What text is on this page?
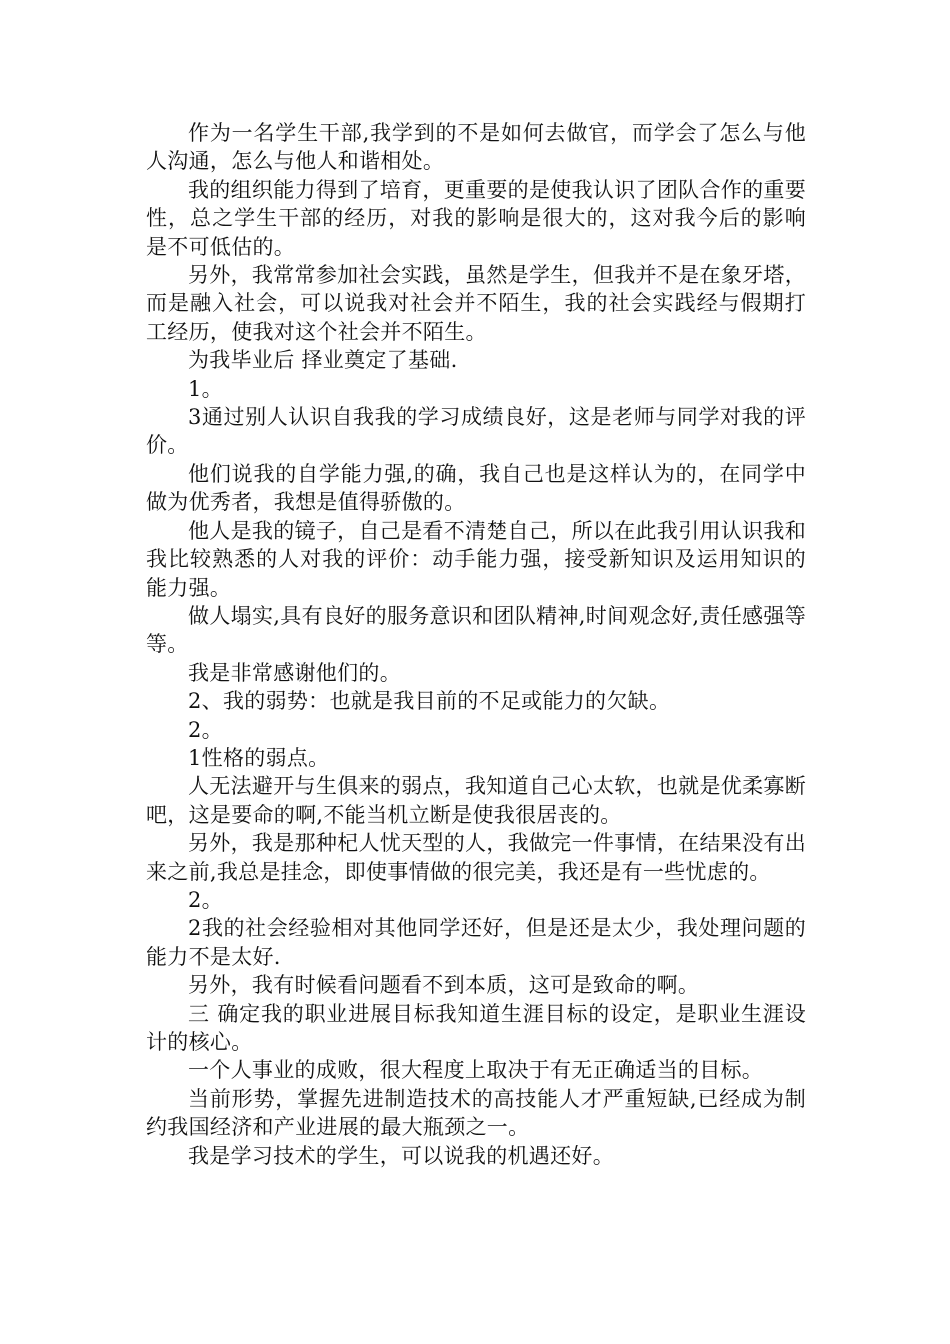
作为一名学生干部,我学到的不是如何去做官，而学会了怎么与他人沟通，怎么与他人和谐相处。

我的组织能力得到了培育，更重要的是使我认识了团队合作的重要性，总之学生干部的经历，对我的影响是很大的，这对我今后的影响是不可低估的。

另外，我常常参加社会实践，虽然是学生，但我并不是在象牙塔，而是融入社会，可以说我对社会并不陌生，我的社会实践经与假期打工经历，使我对这个社会并不陌生。

为我毕业后 择业奠定了基础.

1。

3通过别人认识自我我的学习成绩良好，这是老师与同学对我的评价。

他们说我的自学能力强,的确，我自己也是这样认为的，在同学中做为优秀者，我想是值得骄傲的。

他人是我的镜子，自己是看不清楚自己，所以在此我引用认识我和我比较熟悉的人对我的评价：动手能力强，接受新知识及运用知识的能力强。

做人塌实,具有良好的服务意识和团队精神,时间观念好,责任感强等等。

我是非常感谢他们的。

2、我的弱势：也就是我目前的不足或能力的欠缺。

2。

1性格的弱点。

人无法避开与生俱来的弱点，我知道自己心太软，也就是优柔寡断吧，这是要命的啊,不能当机立断是使我很居丧的。

另外，我是那种杞人忧天型的人，我做完一件事情，在结果没有出来之前,我总是挂念，即使事情做的很完美，我还是有一些忧虑的。

2。

2我的社会经验相对其他同学还好，但是还是太少，我处理问题的能力不是太好.

另外，我有时候看问题看不到本质，这可是致命的啊。

三 确定我的职业进展目标我知道生涯目标的设定，是职业生涯设计的核心。

一个人事业的成败，很大程度上取决于有无正确适当的目标。

当前形势，掌握先进制造技术的高技能人才严重短缺,已经成为制约我国经济和产业进展的最大瓶颈之一。

我是学习技术的学生，可以说我的机遇还好。
